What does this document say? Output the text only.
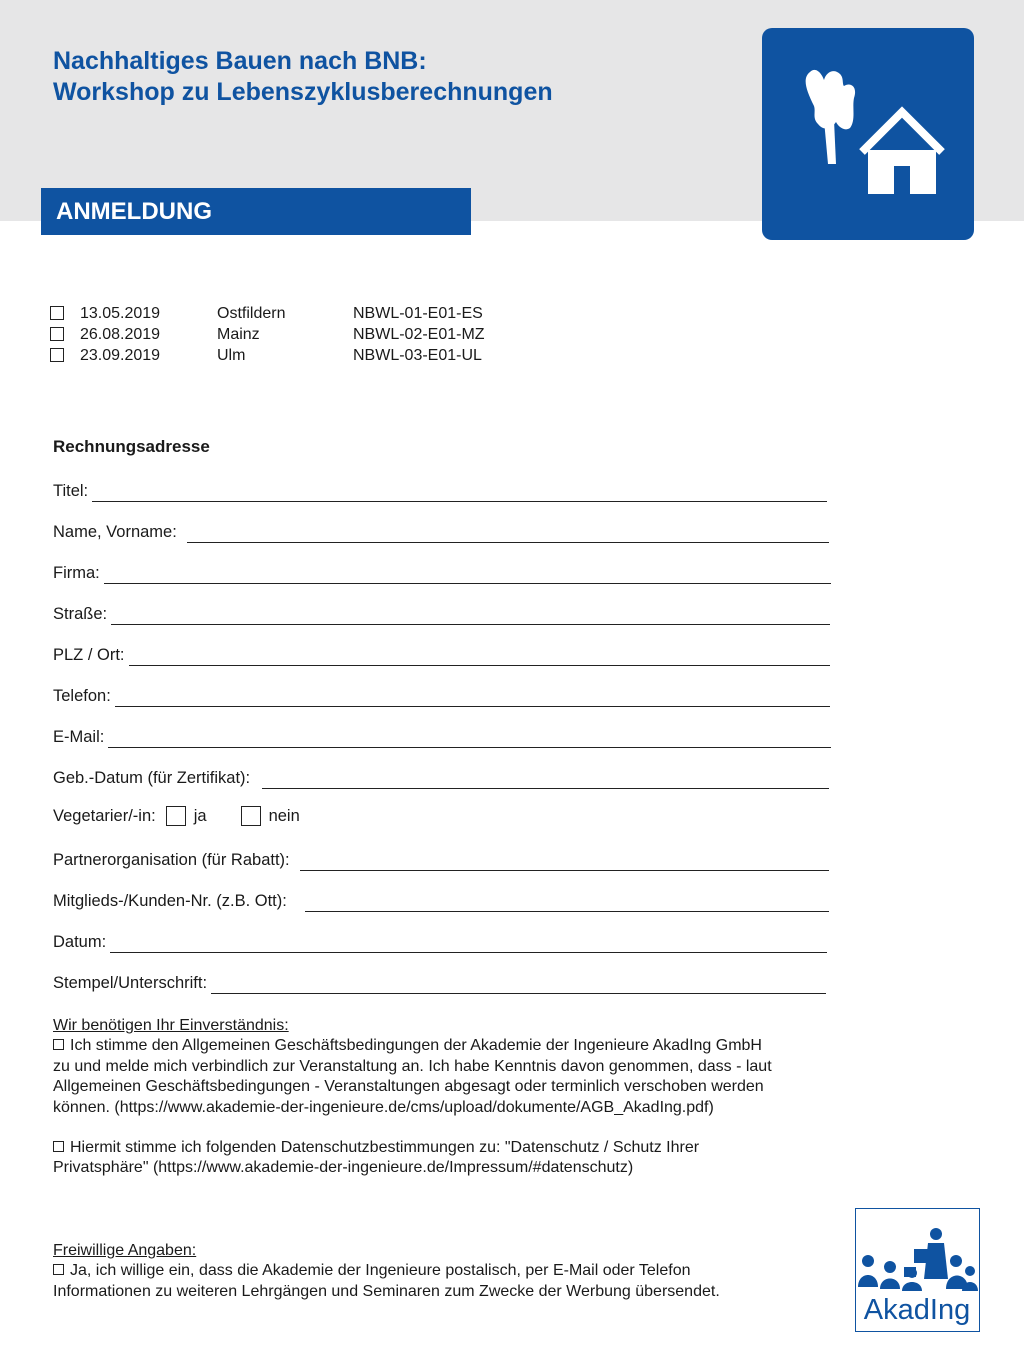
Nachhaltiges Bauen nach BNB:
Workshop zu Lebenszyklusberechnungen
ANMELDUNG
13.05.2019	Ostfildern	NBWL-01-E01-ES
26.08.2019	Mainz	NBWL-02-E01-MZ
23.09.2019	Ulm	NBWL-03-E01-UL
Rechnungsadresse
Titel:
Name, Vorname:
Firma:
Straße:
PLZ / Ort:
Telefon:
E-Mail:
Geb.-Datum (für Zertifikat):
Vegetarier/-in: ja	nein
Partnerorganisation (für Rabatt):
Mitglieds-/Kunden-Nr. (z.B. Ott):
Datum:
Stempel/Unterschrift:

Wir benötigen Ihr Einverständnis:

Ich stimme den Allgemeinen Geschäftsbedingungen der Akademie der Ingenieure AkadIng GmbH zu und melde mich verbindlich zur Veranstaltung an. Ich habe Kenntnis davon genommen, dass - laut Allgemeinen Geschäftsbedingungen - Veranstaltungen abgesagt oder terminlich verschoben werden können. (https://www.akademie-der-ingenieure.de/cms/upload/dokumente/AGB_AkadIng.pdf)

Hiermit stimme ich folgenden Datenschutzbestimmungen zu: "Datenschutz / Schutz Ihrer Privatsphäre" (https://www.akademie-der-ingenieure.de/Impressum/#datenschutz)

Freiwillige Angaben:

Ja, ich willige ein, dass die Akademie der Ingenieure postalisch, per E-Mail oder Telefon Informationen zu weiteren Lehrgängen und Seminaren zum Zwecke der Werbung übersendet.

AkadIng
